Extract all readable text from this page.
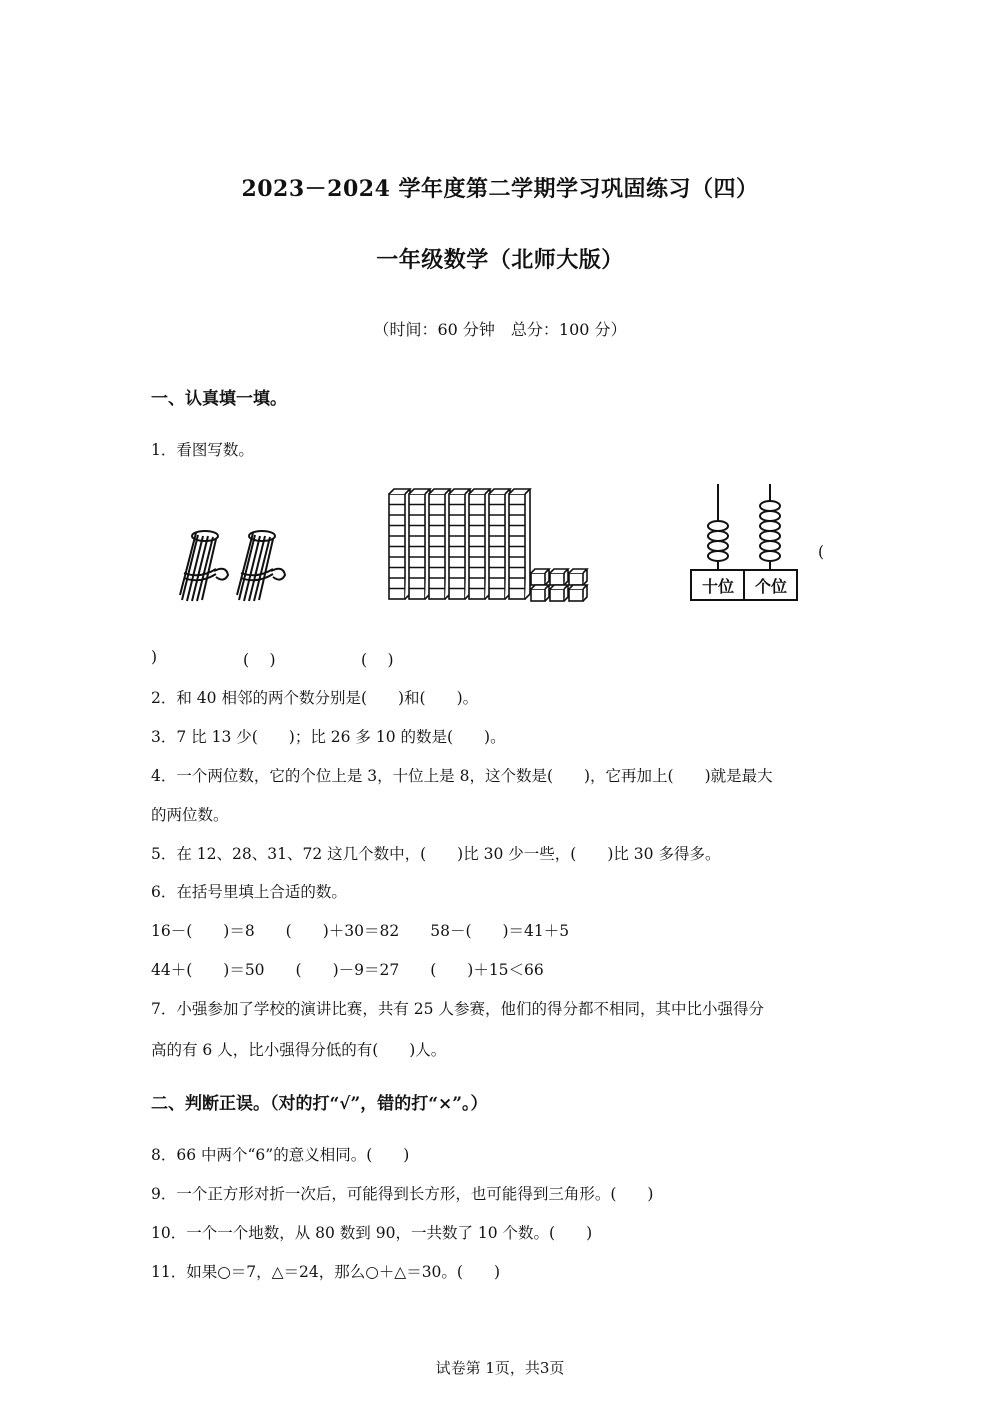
2023－2024 学年度第二学期学习巩固练习（四）
一年级数学（北师大版）
（时间：60 分钟　总分：100 分）
一、认真填一填。
1．看图写数。
十位	个位
(
)	(　 )	(　 )
2．和 40 相邻的两个数分别是(　　)和(　　)。
3．7 比 13 少(　　)；比 26 多 10 的数是(　　)。
4．一个两位数，它的个位上是 3，十位上是 8，这个数是(　　)，它再加上(　　)就是最大
的两位数。
5．在 12、28、31、72 这几个数中，(　　)比 30 少一些，(　　)比 30 多得多。
6．在括号里填上合适的数。
16－(　　)＝8　　(　　)＋30＝82　　58－(　　)＝41＋5
44＋(　　)＝50　　(　　)－9＝27　　(　　)＋15＜66
7．小强参加了学校的演讲比赛，共有 25 人参赛，他们的得分都不相同，其中比小强得分
高的有 6 人，比小强得分低的有(　　)人。
二、判断正误。（对的打“√”，错的打“×”。）
8．66 中两个“6”的意义相同。(　　)
9．一个正方形对折一次后，可能得到长方形，也可能得到三角形。(　　)
10．一个一个地数，从 80 数到 90，一共数了 10 个数。(　　)
11．如果○＝7，△＝24，那么○＋△＝30。(　　)
试卷第 1页，共3页
